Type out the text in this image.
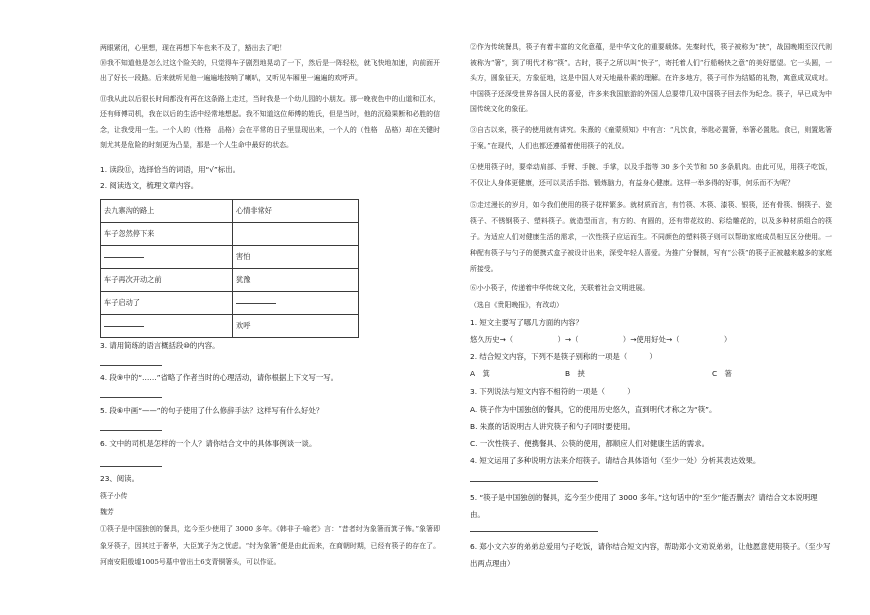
两眼紧闭，心里想，现在再想下车也来不及了，豁出去了吧！

⑩我不知道他是怎么过这个险关的，只觉得车子剧烈地晃动了一下，然后是一阵轻松，就飞快地加速，向前面开出了好长一段路。后来就听见他一遍遍地按响了喇叭，又听见车厢里一遍遍的欢呼声。

⑪我从此以后很长时间都没有再在这条路上走过，当时我是一个幼儿园的小朋友。那一晚夜色中的山道和江水，还有师傅司机，我在以后的生活中经常地想起。我不知道这位师傅的姓氏，但是当时，他的沉稳果断和必胜的信念，让我受用一生。一个人的（性格　品格）会在平常的日子里显现出来，一个人的（性格　品格）却在关键时刻尤其是危险的时刻更为凸显，那是一个人生命中最好的状态。

1. 读段⑪，选择恰当的词语，用“√”标出。

2. 阅读选文，梳理文章内容。

去九寨沟的路上	心情非常好
车子忽然停下来	
	害怕
车子再次开动之前	犹豫
车子启动了	
	欢呼

3. 请用简练的语言概括段⑩的内容。

4. 段⑨中的“……”省略了作者当时的心理活动，请你根据上下文写一写。

5. 段⑥中画“——”的句子使用了什么修辞手法？这样写有什么好处？

6. 文中的司机是怎样的一个人？请你结合文中的具体事例谈一谈。

23、阅读。

筷子小传

魏芳

①筷子是中国独创的餐具，迄今至少使用了 3000 多年。《韩非子·喻老》言：“昔者纣为象箸而箕子怖。”象箸即象牙筷子，因其过于奢华，大臣箕子为之忧虑。“纣为象箸”便是由此而来，在商朝时期，已经有筷子的存在了。河南安阳殷墟1005号墓中曾出土6支青铜箸头，可以作证。

②作为传统餐具，筷子有着丰富的文化意蕴，是中华文化的重要载体。先秦时代，筷子被称为“挟”，战国晚期至汉代则被称为“箸”，到了明代才称“筷”。古时，筷子之所以叫“快子”，寄托着人们“行船畅快之意”的美好愿望。它一头圆，一头方，圆象征天，方象征地，这是中国人对天地最朴素的理解。在许多地方，筷子可作为结婚的礼物，寓意成双成对。中国筷子还深受世界各国人民的喜爱，许多来我国旅游的外国人总要带几双中国筷子回去作为纪念。筷子，早已成为中国传统文化的象征。

③自古以来，筷子的使用就有讲究。朱熹的《童蒙须知》中有言：“凡饮食，举匙必置箸，举箸必置匙。食已，则置匙箸于案。”在现代，人们也都还遵循着使用筷子的礼仪。

④使用筷子时，要牵动肩部、手臂、手腕、手掌，以及手指等 30 多个关节和 50 多条肌肉。由此可见，用筷子吃饭，不仅让人身体更健康，还可以灵活手指、锻炼脑力，有益身心健康。这样一举多得的好事，何乐而不为呢？

⑤走过漫长的岁月，如今我们使用的筷子花样繁多。就材质而言，有竹筷、木筷、漆筷、银筷，还有骨筷、钢筷子、瓷筷子、不锈钢筷子、塑料筷子。就造型而言，有方的、有圆的，还有带花纹的、彩绘雕花的，以及多种材质组合的筷子。为适应人们对健康生活的需求，一次性筷子应运而生。不同颜色的塑料筷子则可以帮助家庭成员相互区分使用。一种配有筷子与勺子的便携式盒子被设计出来，深受年轻人喜爱。为推广分餐制，写有“公筷”的筷子正被越来越多的家庭所接受。

⑥小小筷子，传递着中华传统文化，关联着社会文明进展。

（选自《贵阳晚报》，有改动）

1. 短文主要写了哪几方面的内容？

悠久历史→（　　　　　　）→（　　　　　　）→使用好处→（　　　　　　）

2. 结合短文内容，下列不是筷子别称的一项是（　　　）

A　箕	B　挟	C　箸

3. 下列说法与短文内容不相符的一项是（　　　）

A. 筷子作为中国独创的餐具，它的使用历史悠久，直到明代才称之为“筷”。

B. 朱熹的话说明古人讲究筷子和勺子同时要使用。

C. 一次性筷子、便携餐具、公筷的使用，都顺应人们对健康生活的需求。

4. 短文运用了多种说明方法来介绍筷子。请结合具体语句（至少一处）分析其表达效果。

5. “筷子是中国独创的餐具，迄今至少使用了 3000 多年。”这句话中的“至少”能否删去？请结合文本说明理由。

6. 郑小文六岁的弟弟总爱用勺子吃饭，请你结合短文内容，帮助郑小文劝说弟弟，让他愿意使用筷子。（至少写出两点理由）
